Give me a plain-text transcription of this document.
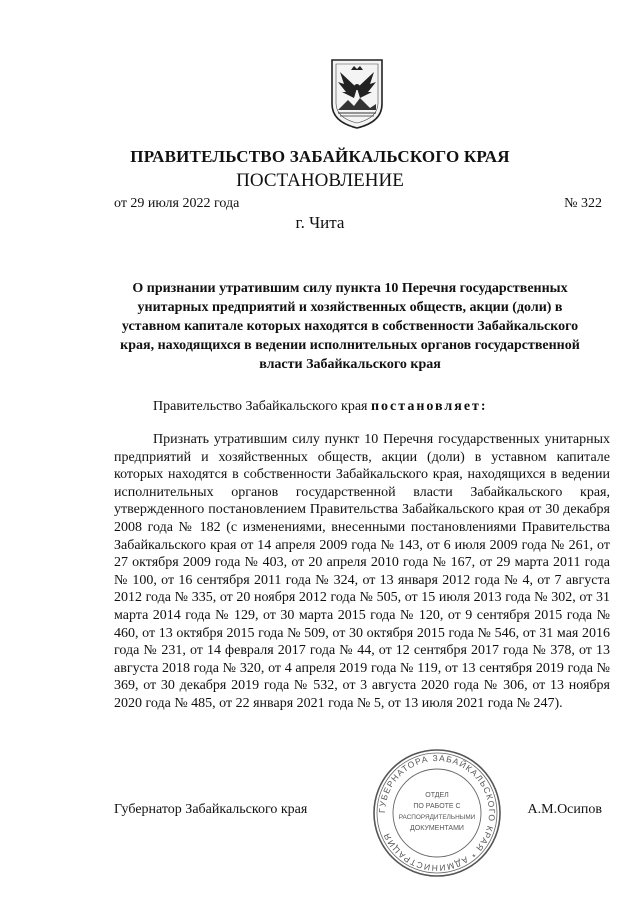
ПРАВИТЕЛЬСТВО ЗАБАЙКАЛЬСКОГО КРАЯ
ПОСТАНОВЛЕНИЕ
от 29 июля 2022 года	№ 322
г. Чита
О признании утратившим силу пункта 10 Перечня государственных унитарных предприятий и хозяйственных обществ, акции (доли) в уставном капитале которых находятся в собственности Забайкальского края, находящихся в ведении исполнительных органов государственной власти Забайкальского края
Правительство Забайкальского края постановляет:

Признать утратившим силу пункт 10 Перечня государственных унитарных предприятий и хозяйственных обществ, акции (доли) в уставном капитале которых находятся в собственности Забайкальского края, находящихся в ведении исполнительных органов государственной власти Забайкальского края, утвержденного постановлением Правительства Забайкальского края от 30 декабря 2008 года № 182 (с изменениями, внесенными постановлениями Правительства Забайкальского края от 14 апреля 2009 года № 143, от 6 июля 2009 года № 261, от 27 октября 2009 года № 403, от 20 апреля 2010 года № 167, от 29 марта 2011 года № 100, от 16 сентября 2011 года № 324, от 13 января 2012 года № 4, от 7 августа 2012 года № 335, от 20 ноября 2012 года № 505, от 15 июля 2013 года № 302, от 31 марта 2014 года № 129, от 30 марта 2015 года № 120, от 9 сентября 2015 года № 460, от 13 октября 2015 года № 509, от 30 октября 2015 года № 546, от 31 мая 2016 года № 231, от 14 февраля 2017 года № 44, от 12 сентября 2017 года № 378, от 13 августа 2018 года № 320, от 4 апреля 2019 года № 119, от 13 сентября 2019 года № 369, от 30 декабря 2019 года № 532, от 3 августа 2020 года № 306, от 13 ноября 2020 года № 485, от 22 января 2021 года № 5, от 13 июля 2021 года № 247).

Губернатор Забайкальского края	А.М.Осипов
ГУБЕРНАТОРА ЗАБАЙКАЛЬСКОГО КРАЯ * АДМИНИСТРАЦИЯ
ОТДЕЛ
ПО РАБОТЕ С
РАСПОРЯДИТЕЛЬНЫМИ
ДОКУМЕНТАМИ
